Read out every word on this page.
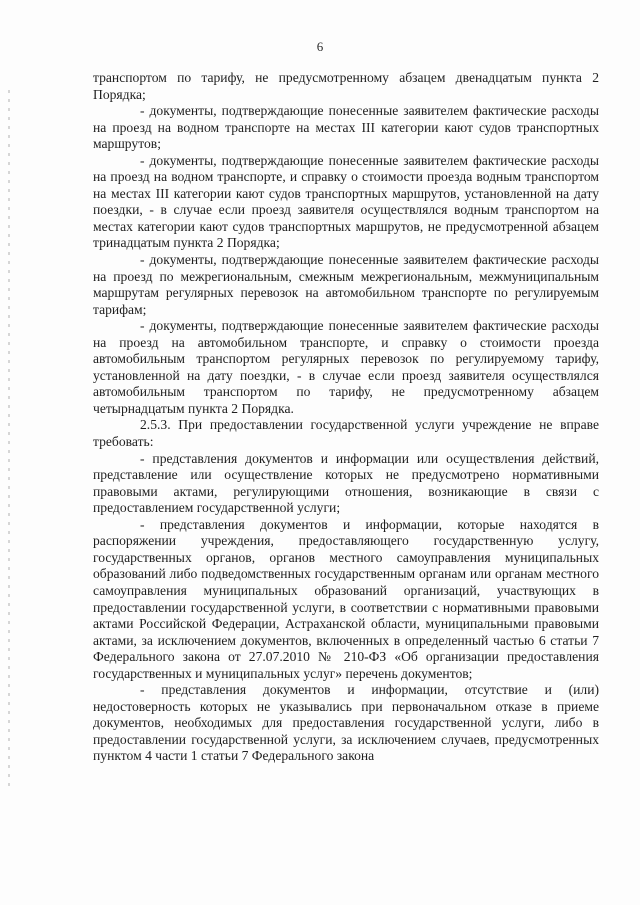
6

транспортом по тарифу, не предусмотренному абзацем двенадцатым пункта 2 Порядка;

- документы, подтверждающие понесенные заявителем фактические расходы на проезд на водном транспорте на местах III категории кают судов транспортных маршрутов;

- документы, подтверждающие понесенные заявителем фактические расходы на проезд на водном транспорте, и справку о стоимости проезда водным транспортом на местах III категории кают судов транспортных маршрутов, установленной на дату поездки, - в случае если проезд заявителя осуществлялся водным транспортом на местах категории кают судов транспортных маршрутов, не предусмотренной абзацем тринадцатым пункта 2 Порядка;

- документы, подтверждающие понесенные заявителем фактические расходы на проезд по межрегиональным, смежным межрегиональным, межмуниципальным маршрутам регулярных перевозок на автомобильном транспорте по регулируемым тарифам;

- документы, подтверждающие понесенные заявителем фактические расходы на проезд на автомобильном транспорте, и справку о стоимости проезда автомобильным транспортом регулярных перевозок по регулируемому тарифу, установленной на дату поездки, - в случае если проезд заявителя осуществлялся автомобильным транспортом по тарифу, не предусмотренному абзацем четырнадцатым пункта 2 Порядка.

2.5.3. При предоставлении государственной услуги учреждение не вправе требовать:

- представления документов и информации или осуществления действий, представление или осуществление которых не предусмотрено нормативными правовыми актами, регулирующими отношения, возникающие в связи с предоставлением государственной услуги;

- представления документов и информации, которые находятся в распоряжении учреждения, предоставляющего государственную услугу, государственных органов, органов местного самоуправления муниципальных образований либо подведомственных государственным органам или органам местного самоуправления муниципальных образований организаций, участвующих в предоставлении государственной услуги, в соответствии с нормативными правовыми актами Российской Федерации, Астраханской области, муниципальными правовыми актами, за исключением документов, включенных в определенный частью 6 статьи 7 Федерального закона от 27.07.2010 № 210-ФЗ «Об организации предоставления государственных и муниципальных услуг» перечень документов;

- представления документов и информации, отсутствие и (или) недостоверность которых не указывались при первоначальном отказе в приеме документов, необходимых для предоставления государственной услуги, либо в предоставлении государственной услуги, за исключением случаев, предусмотренных пунктом 4 части 1 статьи 7 Федерального закона
